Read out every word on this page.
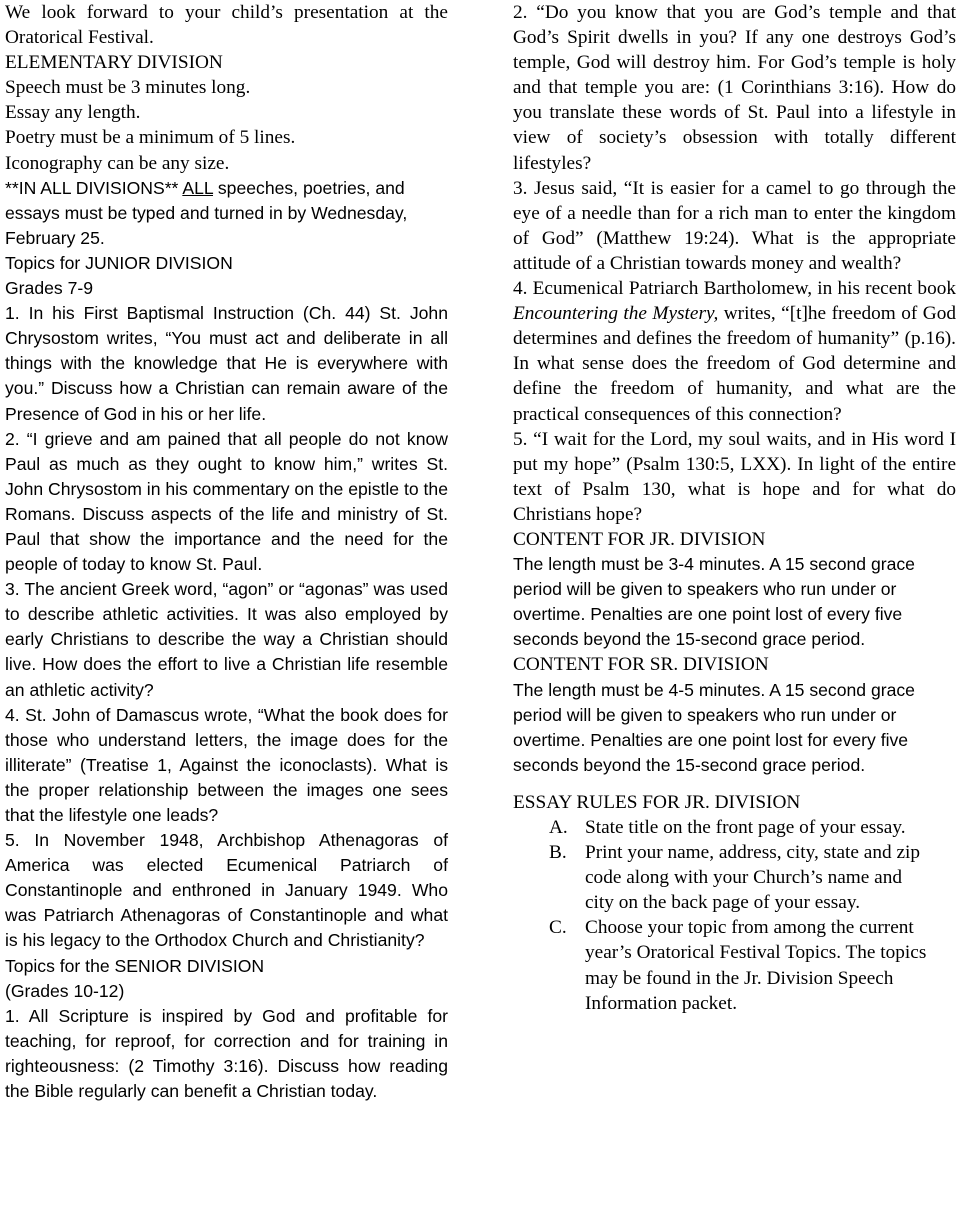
We look forward to your child’s presentation at the Oratorical Festival.

ELEMENTARY DIVISION

Speech must be 3 minutes long.

Essay any length.

Poetry must be a minimum of 5 lines.

Iconography can be any size.

**IN ALL DIVISIONS** ALL speeches, poetries, and essays must be typed and turned in by Wednesday, February 25.

Topics for JUNIOR DIVISION

Grades 7-9

1. In his First Baptismal Instruction (Ch. 44) St. John Chrysostom writes, “You must act and deliberate in all things with the knowledge that He is everywhere with you.” Discuss how a Christian can remain aware of the Presence of God in his or her life.

2. “I grieve and am pained that all people do not know Paul as much as they ought to know him,” writes St. John Chrysostom in his commentary on the epistle to the Romans. Discuss aspects of the life and ministry of St. Paul that show the importance and the need for the people of today to know St. Paul.

3. The ancient Greek word, “agon” or “agonas” was used to describe athletic activities. It was also employed by early Christians to describe the way a Christian should live. How does the effort to live a Christian life resemble an athletic activity?

4. St. John of Damascus wrote, “What the book does for those who understand letters, the image does for the illiterate” (Treatise 1, Against the iconoclasts). What is the proper relationship between the images one sees that the lifestyle one leads?

5. In November 1948, Archbishop Athenagoras of America was elected Ecumenical Patriarch of Constantinople and enthroned in January 1949. Who was Patriarch Athenagoras of Constantinople and what is his legacy to the Orthodox Church and Christianity?

Topics for the SENIOR DIVISION

(Grades 10-12)

1. All Scripture is inspired by God and profitable for teaching, for reproof, for correction and for training in righteousness: (2 Timothy 3:16). Discuss how reading the Bible regularly can benefit a Christian today.

2. “Do you know that you are God’s temple and that God’s Spirit dwells in you? If any one destroys God’s temple, God will destroy him. For God’s temple is holy and that temple you are: (1 Corinthians 3:16). How do you translate these words of St. Paul into a lifestyle in view of society’s obsession with totally different lifestyles?

3. Jesus said, “It is easier for a camel to go through the eye of a needle than for a rich man to enter the kingdom of God” (Matthew 19:24). What is the appropriate attitude of a Christian towards money and wealth?

4. Ecumenical Patriarch Bartholomew, in his recent book Encountering the Mystery, writes, “[t]he freedom of God determines and defines the freedom of humanity” (p.16). In what sense does the freedom of God determine and define the freedom of humanity, and what are the practical consequences of this connection?

5. “I wait for the Lord, my soul waits, and in His word I put my hope” (Psalm 130:5, LXX). In light of the entire text of Psalm 130, what is hope and for what do Christians hope?

CONTENT FOR JR. DIVISION

The length must be 3-4 minutes. A 15 second grace period will be given to speakers who run under or overtime. Penalties are one point lost of every five seconds beyond the 15-second grace period.

CONTENT FOR SR. DIVISION

The length must be 4-5 minutes. A 15 second grace period will be given to speakers who run under or overtime. Penalties are one point lost for every five seconds beyond the 15-second grace period.

ESSAY RULES FOR JR. DIVISION

A. State title on the front page of your essay.
B. Print your name, address, city, state and zip code along with your Church’s name and city on the back page of your essay.
C. Choose your topic from among the current year’s Oratorical Festival Topics. The topics may be found in the Jr. Division Speech Information packet.
